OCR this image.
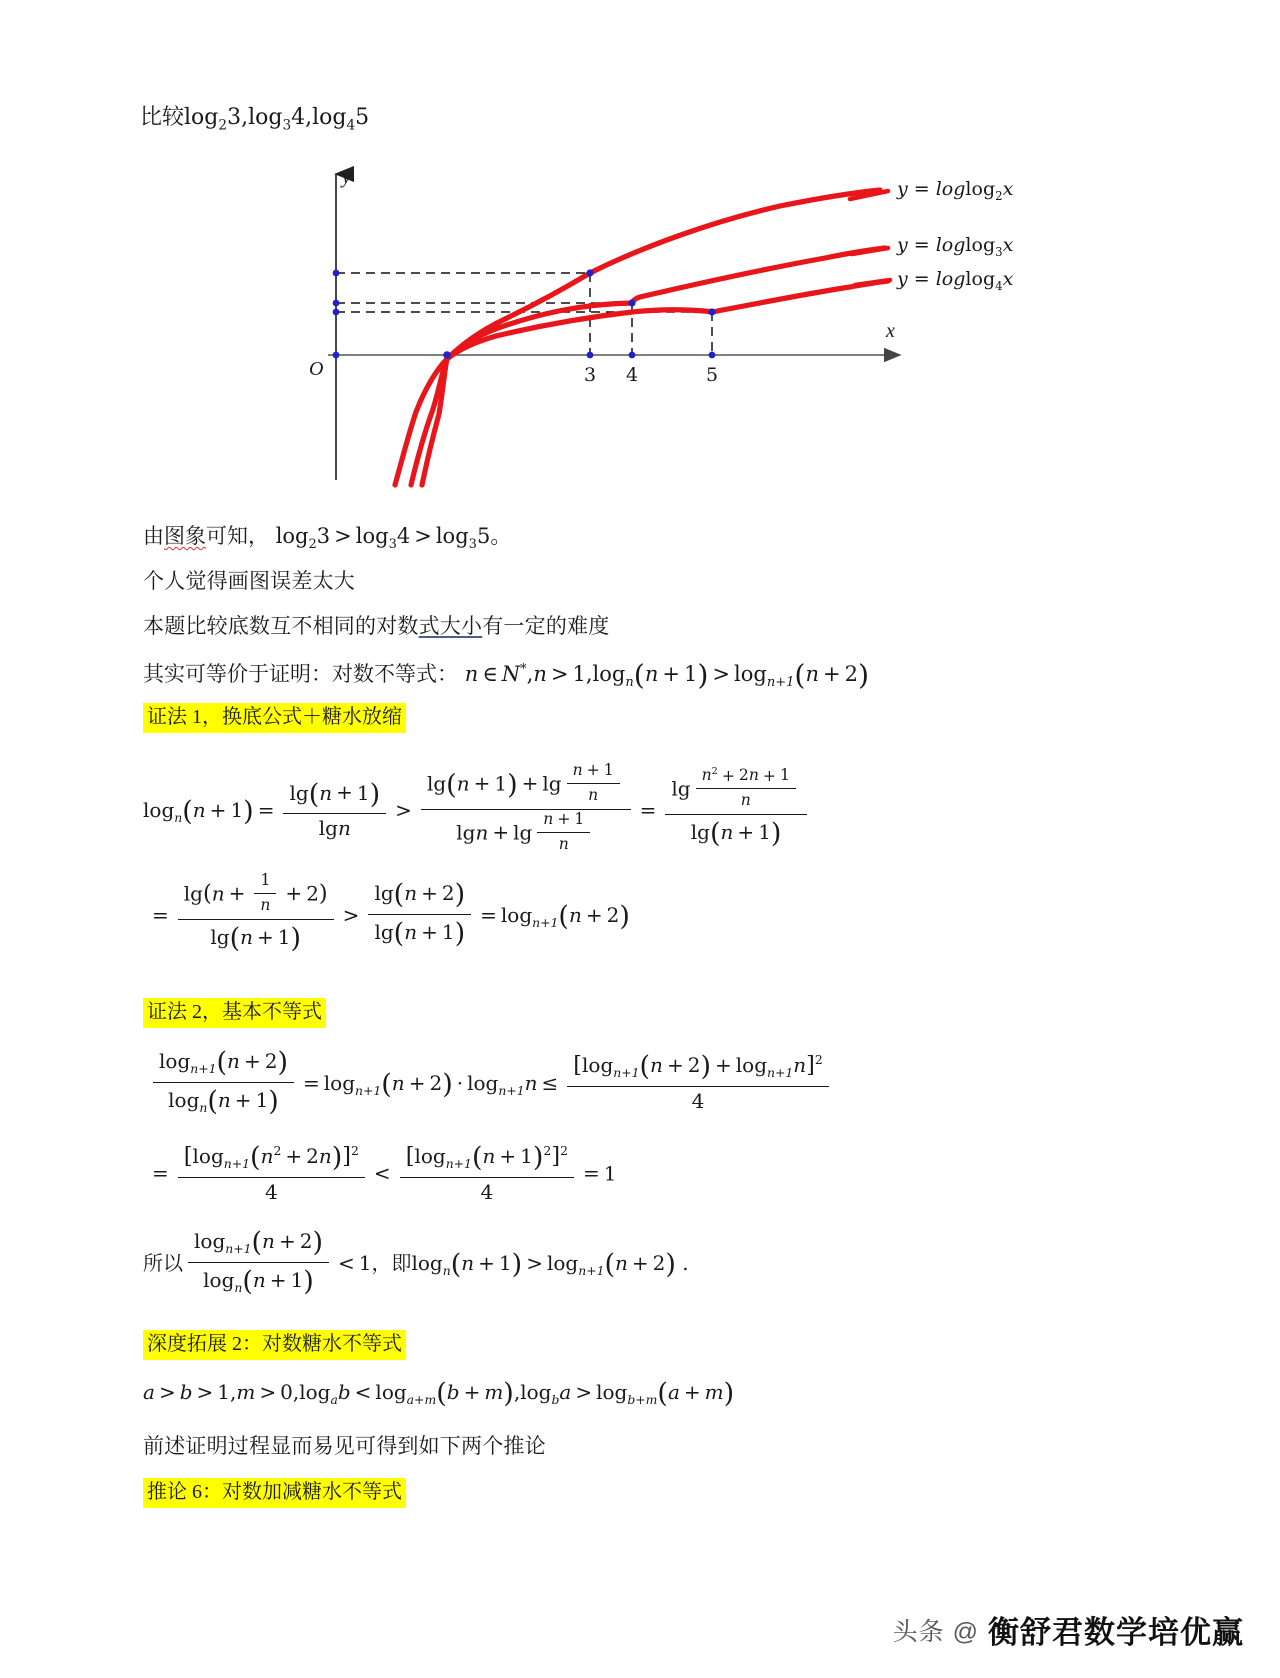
比较$\log_23,\log_34,\log_45$
y
x
O	3 4	5
y = loglog$_2$x
y = loglog$_3$x
y = loglog$_4$x
由图象可知， $\log_23 > \log_34 > \log_35$。
个人觉得画图误差太大
本题比较底数互不相同的对数式大小有一定的难度
其实可等价于证明：对数不等式： n ∈ $N^*,n > 1,\log_n(n + 1) > \log_{n+1}(n + 2)$
证法 1，换底公式＋糖水放缩
$\log_n(n + 1) = \frac{\lg(n + 1)}{\lg n} > \frac{\lg(n + 1) + \lg \frac{n + 1}{n}}{\lg n + \lg \frac{n + 1}{n}} = \frac{\lg \frac{n^2 + 2n + 1}{n}}{\lg(n + 1)}$
= $\frac{\lg(n + \frac{1}{n} + 2)}{\lg(n + 1)} > \frac{\lg(n + 2)}{\lg(n + 1)} = \log_{n+1}(n + 2)$
证法 2，基本不等式
$\frac{\log_{n+1}(n + 2)}{\log_n(n + 1)} = \log_{n+1}(n + 2) \cdot \log_{n+1}n \le \frac{[\log_{n+1}(n + 2) + \log_{n+1}n]^2}{4}$
= $\frac{[\log_{n+1}(n^2 + 2n)]^2}{4} < \frac{[\log_{n+1}(n + 1)^2]^2}{4} = 1$
所以 $\frac{\log_{n+1}(n + 2)}{\log_n(n + 1)} < 1$，即$\log_n(n + 1) > \log_{n+1}(n + 2)$ .
深度拓展 2：对数糖水不等式
$a > b > 1,m > 0,\log_ab < \log_{a+m}(b + m),\log_ba > \log_{b+m}(a + m)$
前述证明过程显而易见可得到如下两个推论
推论 6：对数加减糖水不等式
头条 @ 衡舒君数学培优赢
